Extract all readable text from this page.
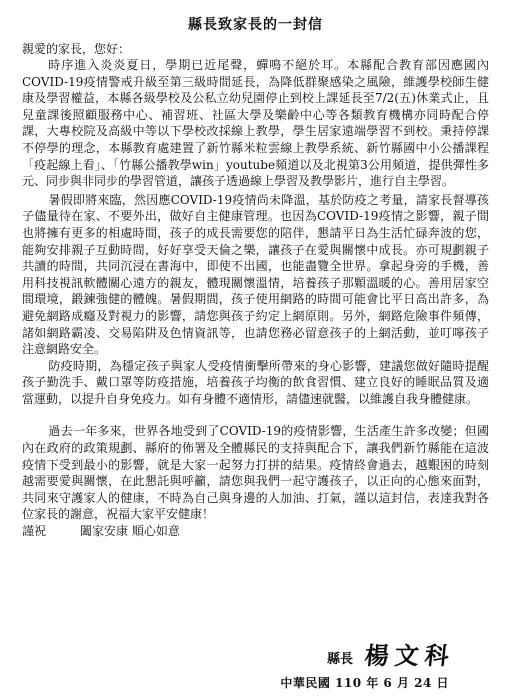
縣長致家長的一封信

親愛的家長，您好：

時序進入炎炎夏日，學期已近尾聲，蟬鳴不絕於耳。本縣配合教育部因應國內COVID-19疫情警戒升級至第三級時間延長，為降低群聚感染之風險，維護學校師生健康及學習權益，本縣各級學校及公私立幼兒園停止到校上課延長至7/2(五)休業式止，且兒童課後照顧服務中心、補習班、社區大學及樂齡中心等各類教育機構亦同時配合停課，大專校院及高級中等以下學校改採線上教學，學生居家遠端學習不到校。秉持停課不停學的理念，本縣教育處建置了新竹縣米粒雲線上教學系統、新竹縣國中小公播課程「疫起線上看」、「竹縣公播教學win」youtube頻道以及北視第3公用頻道，提供彈性多元、同步與非同步的學習管道，讓孩子透過線上學習及教學影片，進行自主學習。

暑假即將來臨，然因應COVID-19疫情尚未降溫，基於防疫之考量，請家長督導孩子儘量待在家、不要外出，做好自主健康管理。也因為COVID-19疫情之影響，親子間也將擁有更多的相處時間，孩子的成長需要您的陪伴，懇請平日為生活忙碌奔波的您，能夠安排親子互動時間，好好享受天倫之樂，讓孩子在愛與關懷中成長。亦可規劃親子共讀的時間，共同沉浸在書海中，即使不出國，也能盡覽全世界。拿起身旁的手機，善用科技視訊軟體關心遠方的親友，體現關懷溫情，培養孩子那顆溫暖的心。善用居家空間環境，鍛鍊強健的體魄。暑假期間，孩子使用網路的時間可能會比平日高出許多，為避免網路成癮及對視力的影響，請您與孩子約定上網原則。另外，網路危險事件頻傳，諸如網路霸凌、交易陷阱及色情資訊等，也請您務必留意孩子的上網活動，並叮嚀孩子注意網路安全。

防疫時期，為穩定孩子與家人受疫情衝擊所帶來的身心影響，建議您做好隨時提醒孩子勤洗手、戴口罩等防疫措施，培養孩子均衡的飲食習慣、建立良好的睡眠品質及適當運動，以提升自身免疫力。如有身體不適情形，請儘速就醫，以維護自我身體健康。

過去一年多來，世界各地受到了COVID-19的疫情影響，生活產生許多改變；但國內在政府的政策規劃、縣府的佈署及全體縣民的支持與配合下，讓我們新竹縣能在這波疫情下受到最小的影響，就是大家一起努力打拼的結果。疫情終會過去，越艱困的時刻越需要愛與關懷，在此懇託與呼籲，請您與我們一起守護孩子，以正向的心態來面對，共同來守護家人的健康，不時為自己與身邊的人加油、打氣，謹以這封信，表達我對各位家長的謝意，祝福大家平安健康！

謹祝	闔家安康 順心如意
縣長 楊文科
中華民國 110 年 6 月 24 日
